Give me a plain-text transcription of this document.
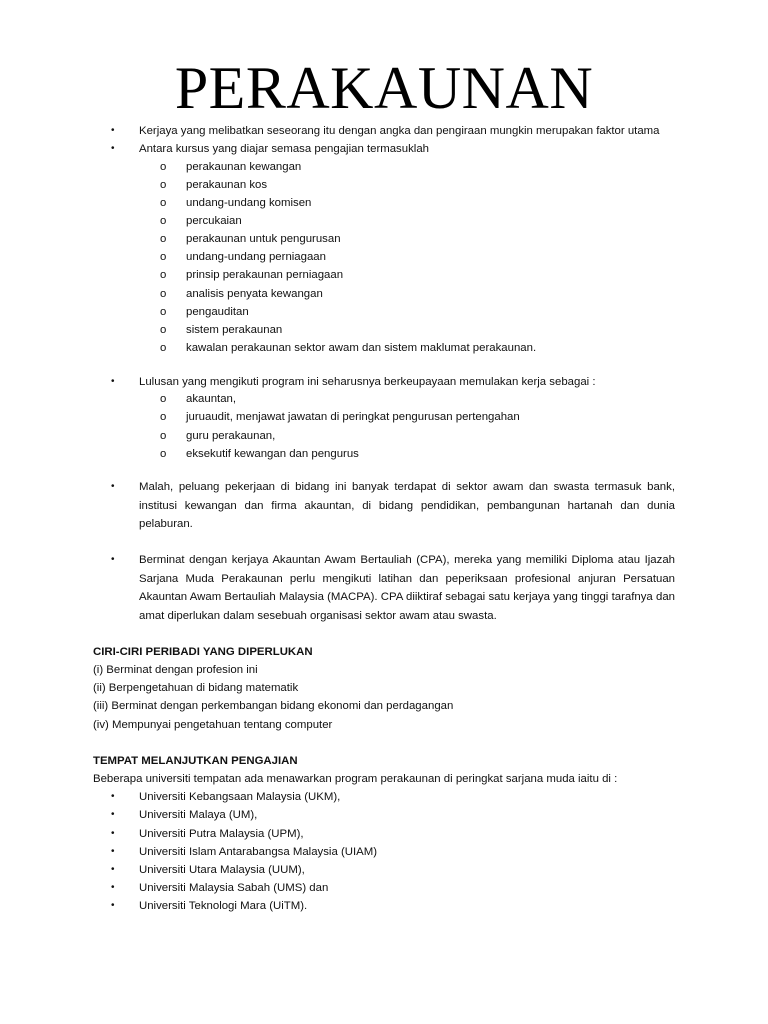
PERAKAUNAN
•	Kerjaya yang melibatkan seseorang itu dengan angka dan pengiraan mungkin merupakan faktor utama
•	Antara kursus yang diajar semasa pengajian termasuklah
o	perakaunan kewangan
o	perakaunan kos
o	undang-undang komisen
o	percukaian
o	perakaunan untuk pengurusan
o	undang-undang perniagaan
o	prinsip perakaunan perniagaan
o	analisis penyata kewangan
o	pengauditan
o	sistem perakaunan
o	kawalan perakaunan sektor awam dan sistem maklumat perakaunan.
•	Lulusan yang mengikuti program ini seharusnya berkeupayaan memulakan kerja sebagai :
o	akauntan,
o	juruaudit, menjawat jawatan di peringkat pengurusan pertengahan
o	guru perakaunan,
o	eksekutif kewangan dan pengurus
•	Malah, peluang pekerjaan di bidang ini banyak terdapat di sektor awam dan swasta termasuk bank, institusi kewangan dan firma akauntan, di bidang pendidikan, pembangunan hartanah dan dunia pelaburan.
•	Berminat dengan kerjaya Akauntan Awam Bertauliah (CPA), mereka yang memiliki Diploma atau Ijazah Sarjana Muda Perakaunan perlu mengikuti latihan dan peperiksaan profesional anjuran Persatuan Akauntan Awam Bertauliah Malaysia (MACPA). CPA diiktiraf sebagai satu kerjaya yang tinggi tarafnya dan amat diperlukan dalam sesebuah organisasi sektor awam atau swasta.
CIRI-CIRI PERIBADI YANG DIPERLUKAN
(i) Berminat dengan profesion ini
(ii) Berpengetahuan di bidang matematik
(iii) Berminat dengan perkembangan bidang ekonomi dan perdagangan
(iv) Mempunyai pengetahuan tentang computer
TEMPAT MELANJUTKAN PENGAJIAN
Beberapa universiti tempatan ada menawarkan program perakaunan di peringkat sarjana muda iaitu di :
•	Universiti Kebangsaan Malaysia (UKM),
•	Universiti Malaya (UM),
•	Universiti Putra Malaysia (UPM),
•	Universiti Islam Antarabangsa Malaysia (UIAM)
•	Universiti Utara Malaysia (UUM),
•	Universiti Malaysia Sabah (UMS) dan
•	Universiti Teknologi Mara (UiTM).
